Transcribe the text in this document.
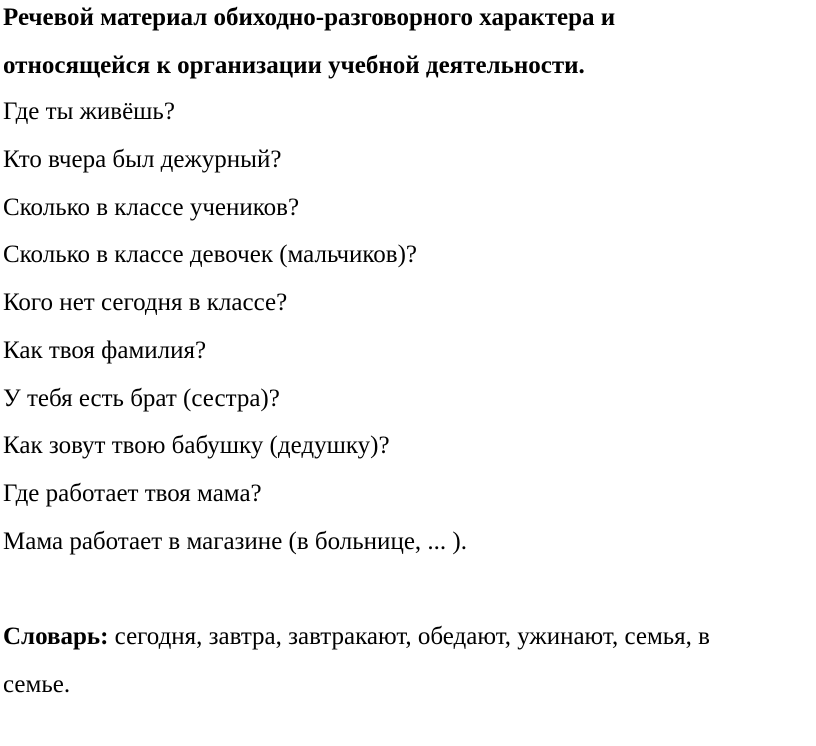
Речевой материал обиходно-разговорного характера и
относящейся к организации учебной деятельности.
Где ты живёшь?
Кто вчера был дежурный?
Сколько в классе учеников?
Сколько в классе девочек (мальчиков)?
Кого нет сегодня в классе?
Как твоя фамилия?
У тебя есть брат (сестра)?
Как зовут твою бабушку (дедушку)?
Где работает твоя мама?
Мама работает в магазине (в больнице, ... ).
Словарь: сегодня, завтра, завтракают, обедают, ужинают, семья, в
семье.
